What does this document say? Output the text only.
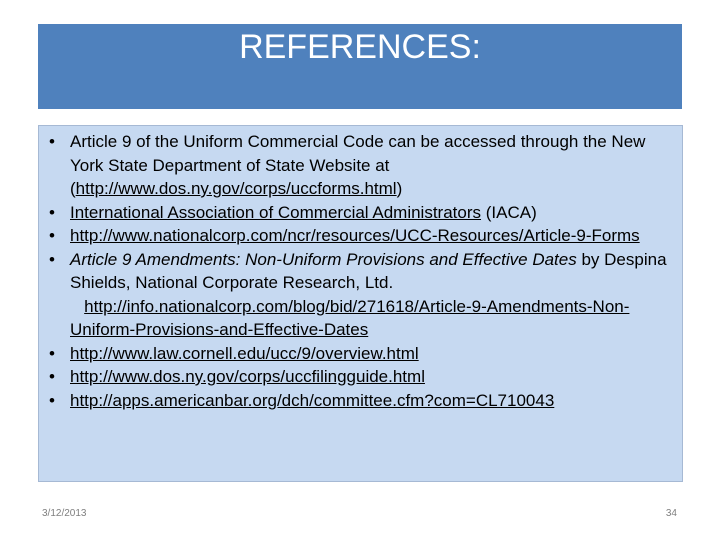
REFERENCES:
• Article 9 of the Uniform Commercial Code can be accessed through the New York State Department of State Website at (http://www.dos.ny.gov/corps/uccforms.html)
• International Association of Commercial Administrators (IACA)
• http://www.nationalcorp.com/ncr/resources/UCC-Resources/Article-9-Forms
• Article 9 Amendments: Non-Uniform Provisions and Effective Dates by Despina Shields, National Corporate Research, Ltd.
http://info.nationalcorp.com/blog/bid/271618/Article-9-Amendments-Non-Uniform-Provisions-and-Effective-Dates
• http://www.law.cornell.edu/ucc/9/overview.html
• http://www.dos.ny.gov/corps/uccfilingguide.html
• http://apps.americanbar.org/dch/committee.cfm?com=CL710043
3/12/2013	34
